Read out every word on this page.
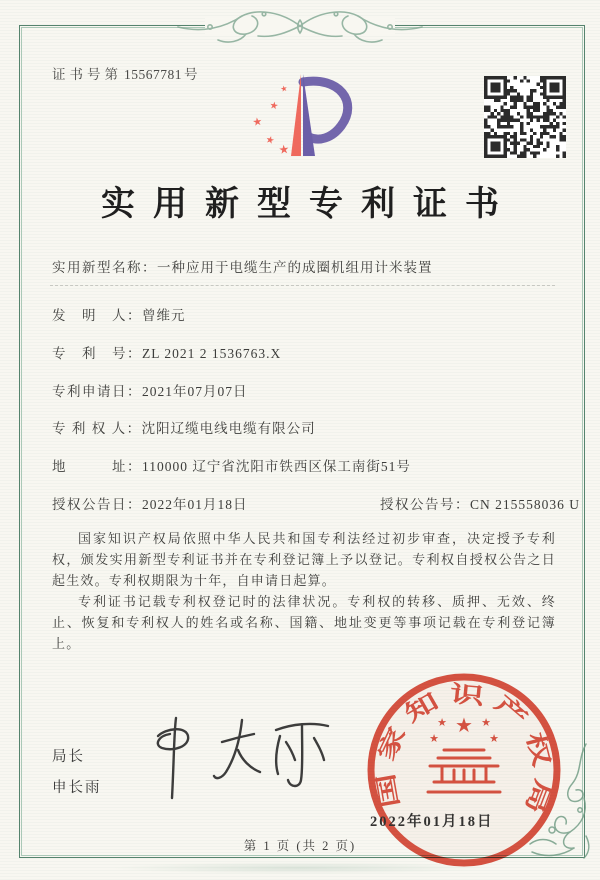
证书号第 15567781 号
★
★
★
★
★
实用新型专利证书
实用新型名称：一种应用于电缆生产的成圈机组用计米装置
发　明　人：曾维元
专　利　号：ZL 2021 2 1536763.X
专利申请日：2021年07月07日
专 利 权 人：沈阳辽缆电线电缆有限公司
地　　　址：110000 辽宁省沈阳市铁西区保工南街51号
授权公告日：2022年01月18日	授权公告号：CN 215558036 U

国家知识产权局依照中华人民共和国专利法经过初步审查，决定授予专利权，颁发实用新型专利证书并在专利登记簿上予以登记。专利权自授权公告之日起生效。专利权期限为十年，自申请日起算。

专利证书记载专利权登记时的法律状况。专利权的转移、质押、无效、终止、恢复和专利权人的姓名或名称、国籍、地址变更等事项记载在专利登记簿上。

局长
申长雨	国家知识产权局
★
★	★
★	★
2022年01月18日
第 1 页 (共 2 页)
